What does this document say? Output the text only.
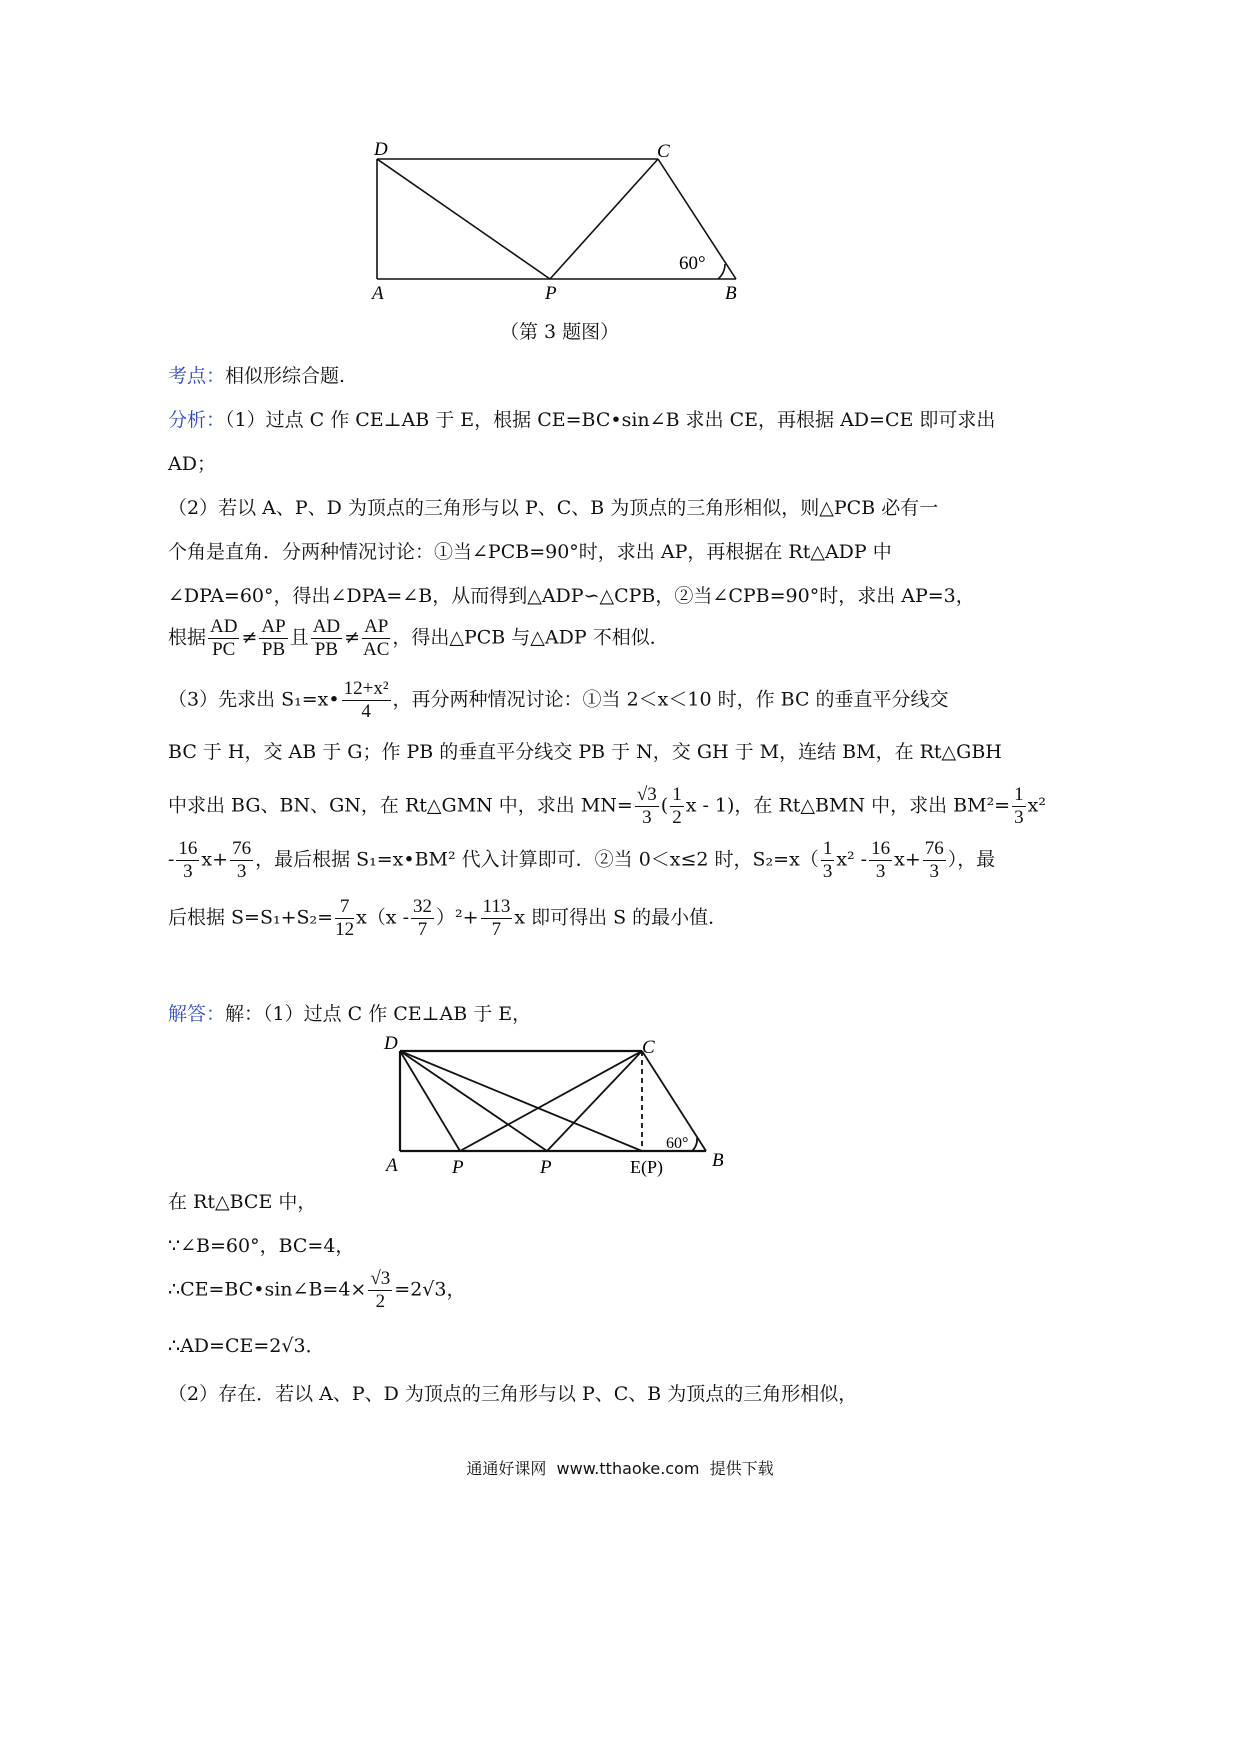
D	C
A	P	B
60°
（第 3 题图）
考点：相似形综合题.
分析：（1）过点 C 作 CE⊥AB 于 E，根据 CE=BC•sin∠B 求出 CE，再根据 AD=CE 即可求出
AD；
（2）若以 A、P、D 为顶点的三角形与以 P、C、B 为顶点的三角形相似，则△PCB 必有一
个角是直角．分两种情况讨论：①当∠PCB=90°时，求出 AP，再根据在 Rt△ADP 中
∠DPA=60°，得出∠DPA=∠B，从而得到△ADP∽△CPB，②当∠CPB=90°时，求出 AP=3，
根据 $\frac{AD}{PC} \ne \frac{AP}{PB}$ 且 $\frac{AD}{PB} \ne \frac{AP}{AC}$ ，得出△PCB 与△ADP 不相似．
（3）先求出 S₁=x• $\frac{\text{12+x²}}{4}$ ，再分两种情况讨论：①当 2＜x＜10 时，作 BC 的垂直平分线交
BC 于 H，交 AB 于 G；作 PB 的垂直平分线交 PB 于 N，交 GH 于 M，连结 BM，在 Rt△GBH
中求出 BG、BN、GN，在 Rt△GMN 中，求出 $MN= \frac{√3}{3}$ ( $\frac{1}{2}$ x - 1)，在 Rt△BMN 中，求出 $BM^2= \frac{1}{3} x^2$
- $\frac{16}{3} x+ \frac{76}{3}$ ，最后根据 S₁=x•BM² 代入计算即可．②当 0＜x≤2 时，$S_2=x( \frac{1}{3} x^2 - \frac{16}{3} x+ \frac{76}{3}$ ），最
后根据 $S=S_1+S_2= \frac{7}{12} x(x - \frac{32}{7} )^2+ \frac{113}{7}$ x 即可得出 S 的最小值．
解答：解：（1）过点 C 作 CE⊥AB 于 E，
D	C
A	P	P	E(P)	B
60°
在 Rt△BCE 中，
∵∠B=60°，BC=4，
∴CE=BC•sin∠B=4× $\frac{√3}{2} =2√3$，
∴AD=CE=2√3．
（2）存在．若以 A、P、D 为顶点的三角形与以 P、C、B 为顶点的三角形相似，
通通好课网  www.tthaoke.com  提供下载
